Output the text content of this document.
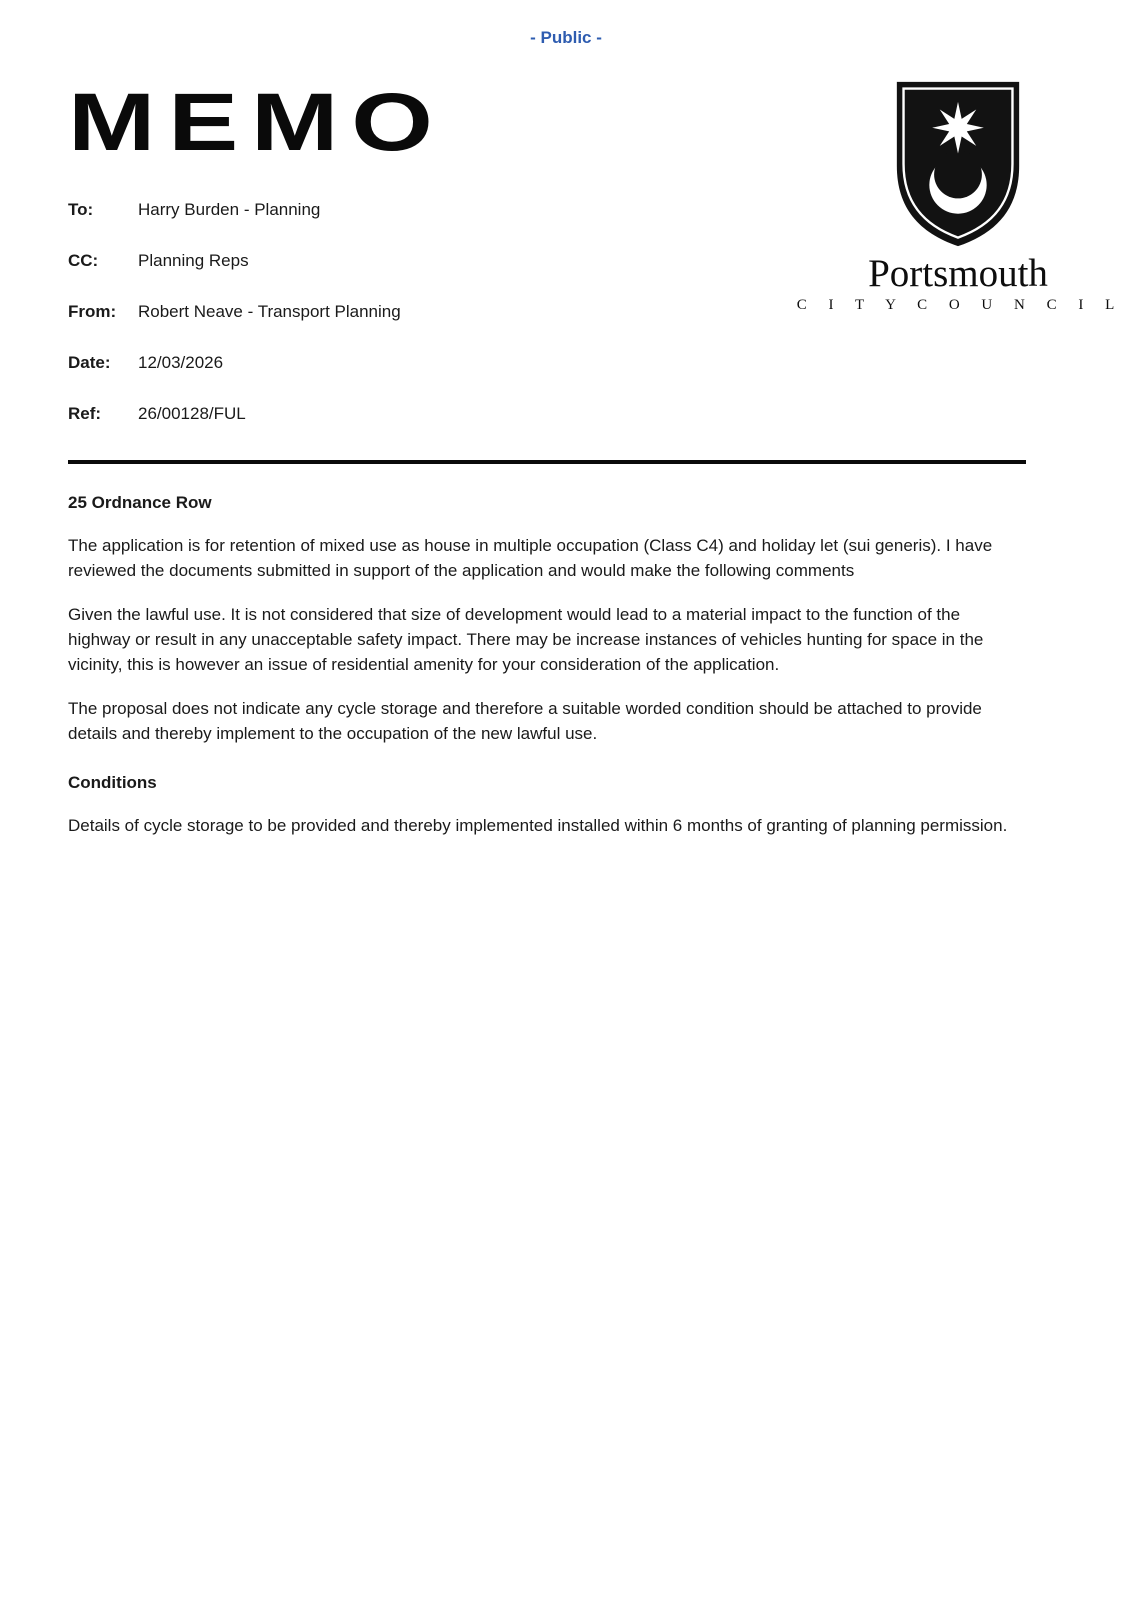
- Public -
MEMO
To:	Harry Burden - Planning
CC: Planning Reps
From: Robert Neave - Transport Planning
Date: 12/03/2026
Ref: 26/00128/FUL
Portsmouth
C I T Y C O U N C I L
25 Ordnance Row

The application is for retention of mixed use as house in multiple occupation (Class C4) and holiday let (sui generis). I have reviewed the documents submitted in support of the application and would make the following comments

Given the lawful use. It is not considered that size of development would lead to a material impact to the function of the highway or result in any unacceptable safety impact. There may be increase instances of vehicles hunting for space in the vicinity, this is however an issue of residential amenity for your consideration of the application.

The proposal does not indicate any cycle storage and therefore a suitable worded condition should be attached to provide details and thereby implement to the occupation of the new lawful use.

Conditions

Details of cycle storage to be provided and thereby implemented installed within 6 months of granting of planning permission.
